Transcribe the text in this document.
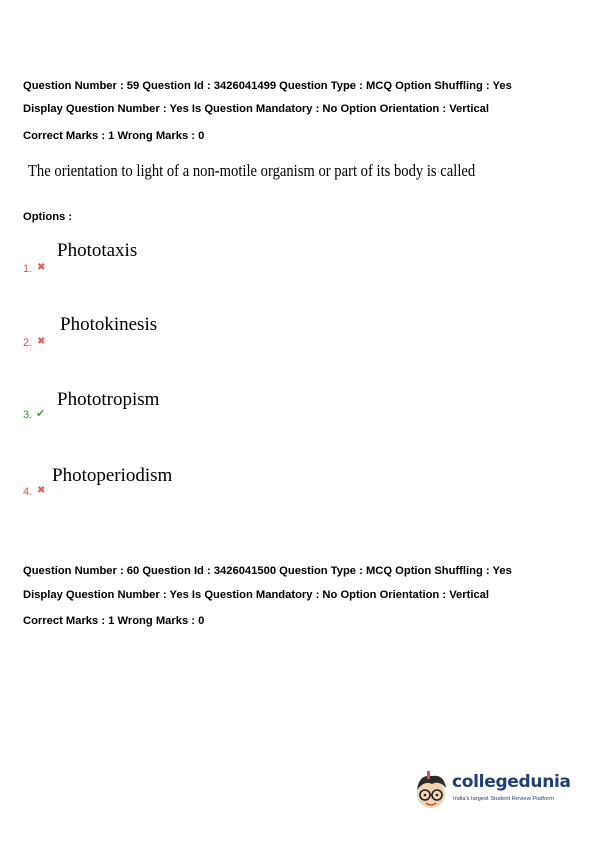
Question Number : 59 Question Id : 3426041499 Question Type : MCQ Option Shuffling : Yes
Display Question Number : Yes Is Question Mandatory : No Option Orientation : Vertical
Correct Marks : 1 Wrong Marks : 0
The orientation to light of a non-motile organism or part of its body is called
Options :
Phototaxis
1. ✖
Photokinesis
2. ✖
Phototropism
3. ✔
Photoperiodism
4. ✖
Question Number : 60 Question Id : 3426041500 Question Type : MCQ Option Shuffling : Yes
Display Question Number : Yes Is Question Mandatory : No Option Orientation : Vertical
Correct Marks : 1 Wrong Marks : 0
collegedunia
India's largest Student Review Platform
